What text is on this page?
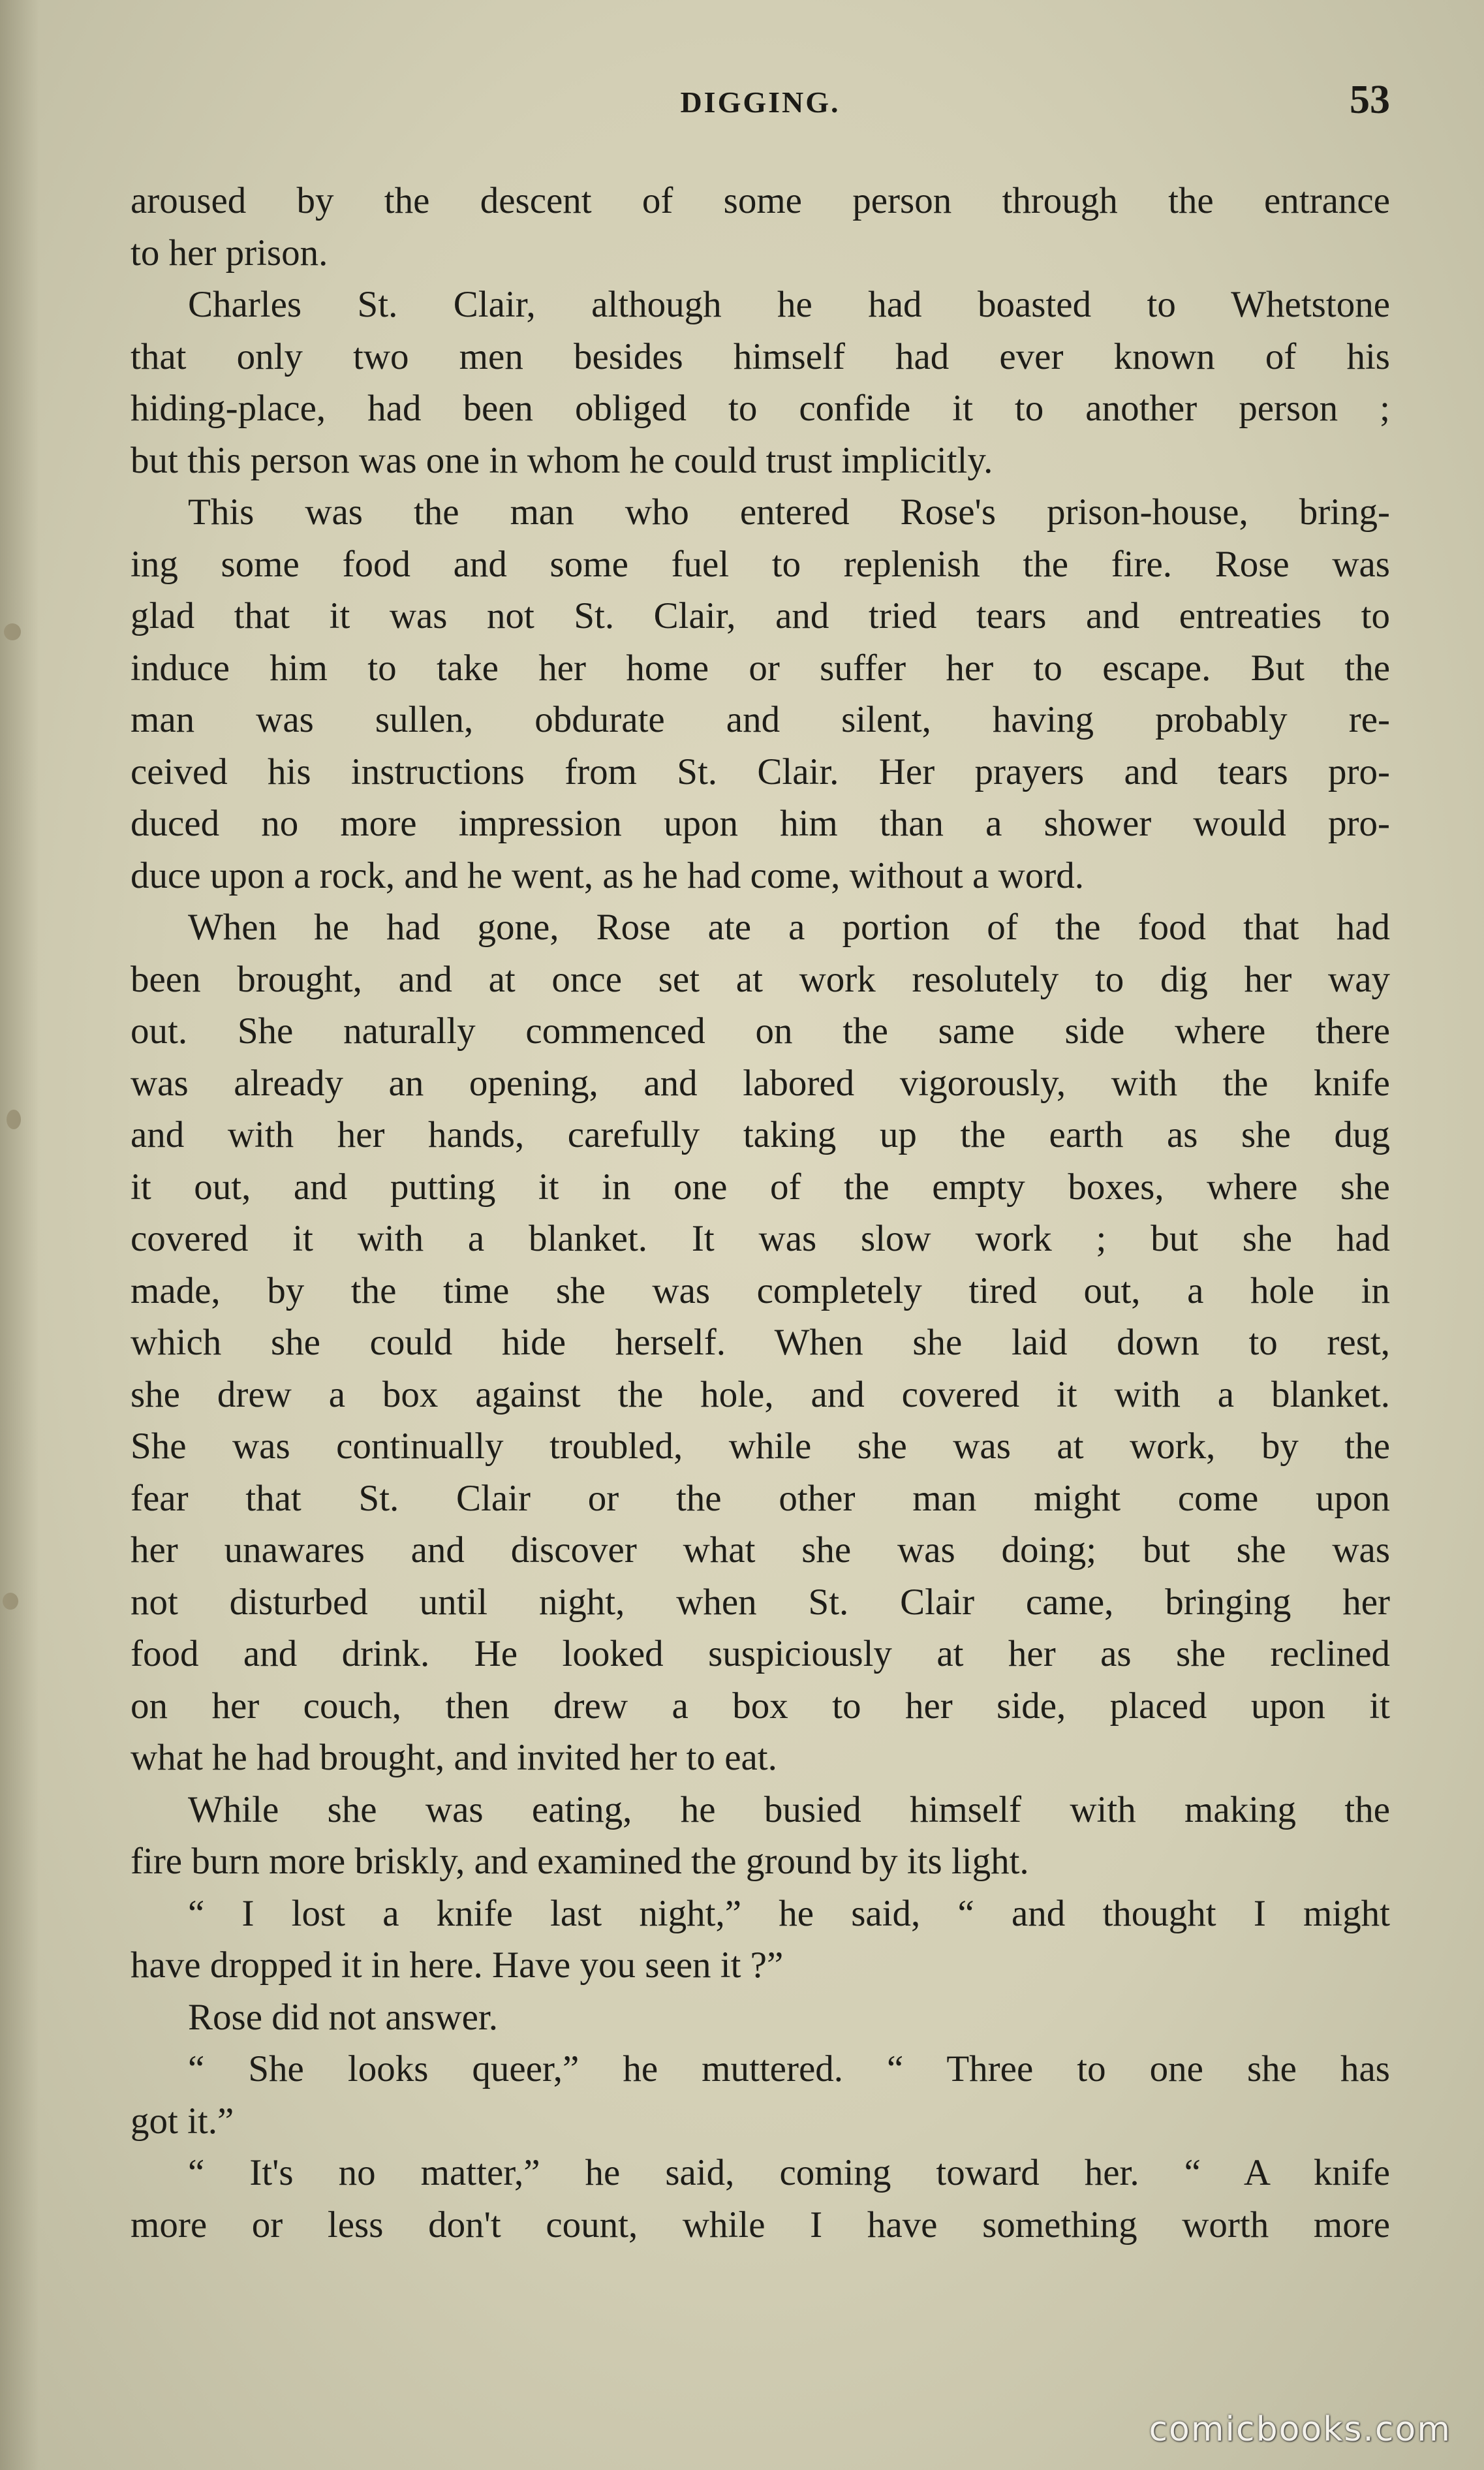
DIGGING.	53
aroused by the descent of some person through the entrance
to her prison.
Charles St. Clair, although he had boasted to Whetstone
that only two men besides himself had ever known of his
hiding-place, had been obliged to confide it to another person ;
but this person was one in whom he could trust implicitly.
This was the man who entered Rose's prison-house, bring-
ing some food and some fuel to replenish the fire. Rose was
glad that it was not St. Clair, and tried tears and entreaties to
induce him to take her home or suffer her to escape. But the
man was sullen, obdurate and silent, having probably re-
ceived his instructions from St. Clair. Her prayers and tears pro-
duced no more impression upon him than a shower would pro-
duce upon a rock, and he went, as he had come, without a word.
When he had gone, Rose ate a portion of the food that had
been brought, and at once set at work resolutely to dig her way
out. She naturally commenced on the same side where there
was already an opening, and labored vigorously, with the knife
and with her hands, carefully taking up the earth as she dug
it out, and putting it in one of the empty boxes, where she
covered it with a blanket. It was slow work ; but she had
made, by the time she was completely tired out, a hole in
which she could hide herself. When she laid down to rest,
she drew a box against the hole, and covered it with a blanket.
She was continually troubled, while she was at work, by the
fear that St. Clair or the other man might come upon
her unawares and discover what she was doing; but she was
not disturbed until night, when St. Clair came, bringing her
food and drink. He looked suspiciously at her as she reclined
on her couch, then drew a box to her side, placed upon it
what he had brought, and invited her to eat.
While she was eating, he busied himself with making the
fire burn more briskly, and examined the ground by its light.
“ I lost a knife last night,” he said, “ and thought I might
have dropped it in here. Have you seen it ?”
Rose did not answer.
“ She looks queer,” he muttered. “ Three to one she has
got it.”
“ It's no matter,” he said, coming toward her. “ A knife
more or less don't count, while I have something worth more
comicbooks.com
